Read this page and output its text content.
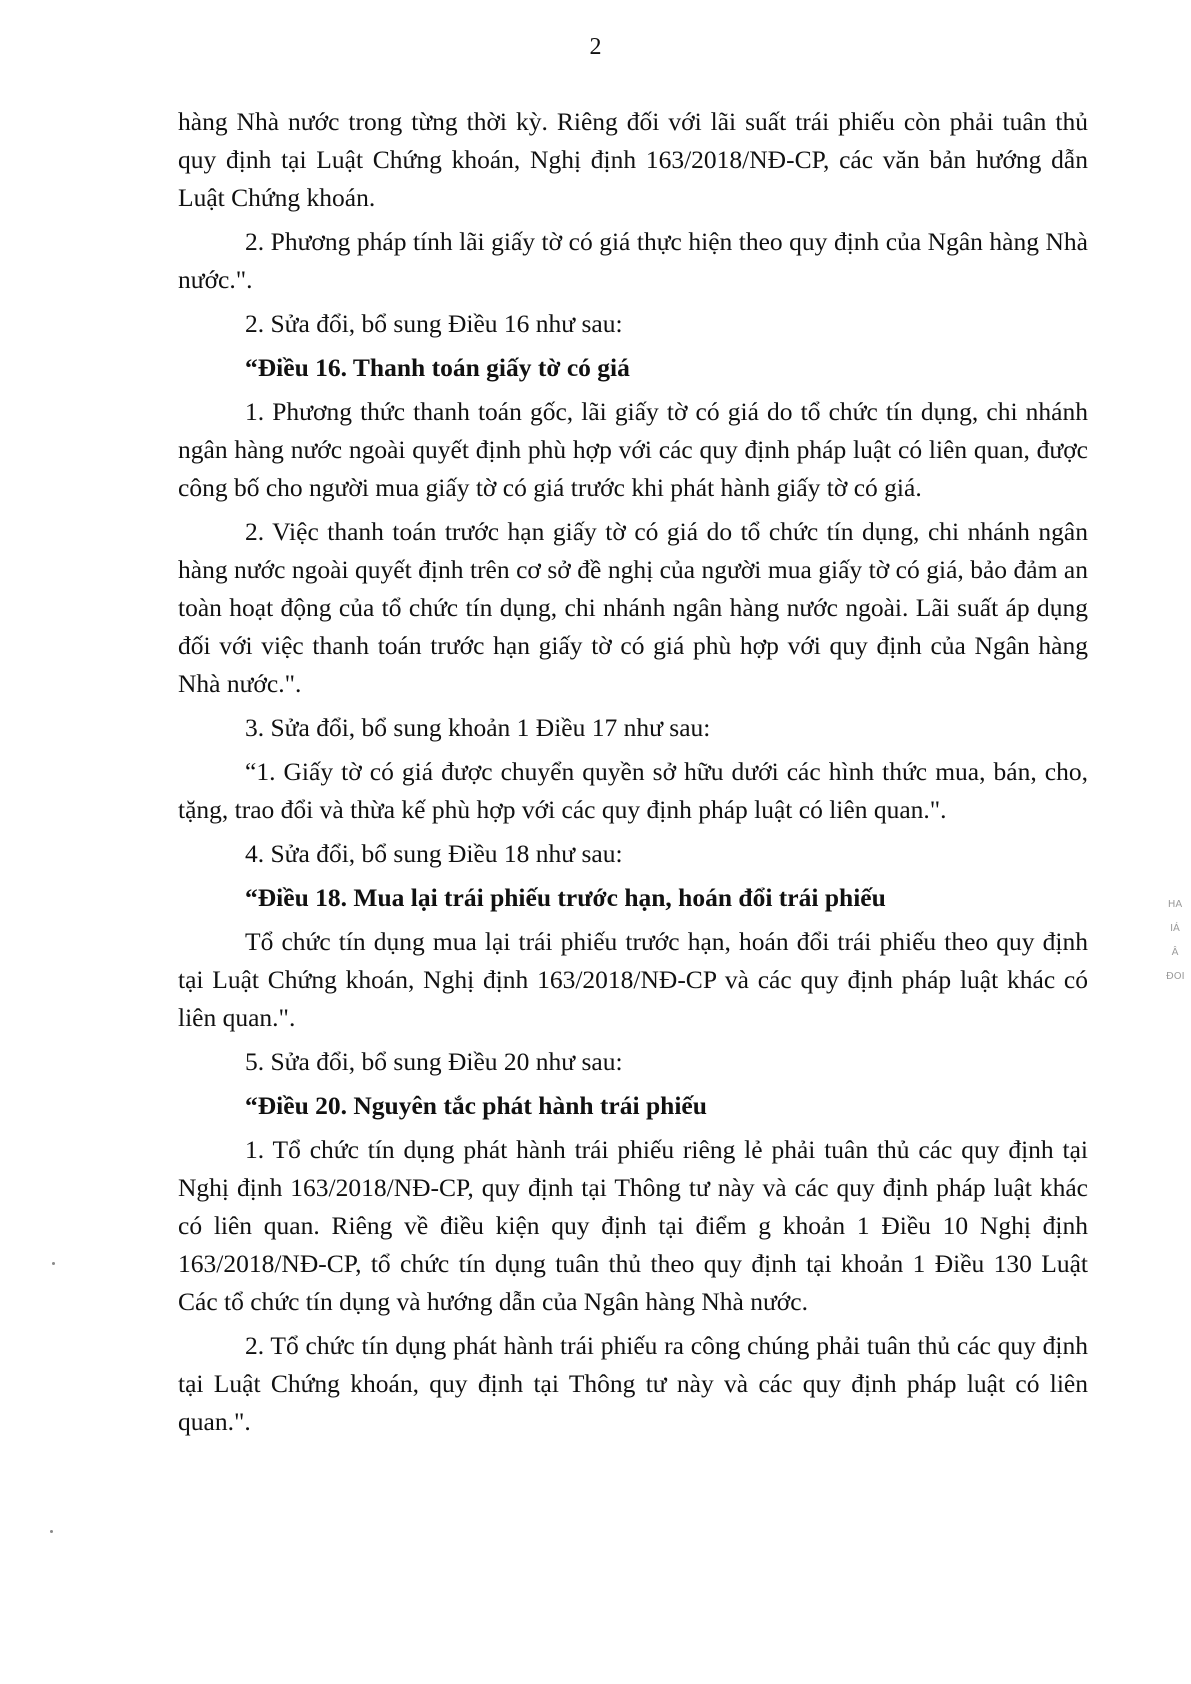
2

hàng Nhà nước trong từng thời kỳ. Riêng đối với lãi suất trái phiếu còn phải tuân thủ quy định tại Luật Chứng khoán, Nghị định 163/2018/NĐ-CP, các văn bản hướng dẫn Luật Chứng khoán.

2. Phương pháp tính lãi giấy tờ có giá thực hiện theo quy định của Ngân hàng Nhà nước.".

2. Sửa đổi, bổ sung Điều 16 như sau:

“Điều 16. Thanh toán giấy tờ có giá

1. Phương thức thanh toán gốc, lãi giấy tờ có giá do tổ chức tín dụng, chi nhánh ngân hàng nước ngoài quyết định phù hợp với các quy định pháp luật có liên quan, được công bố cho người mua giấy tờ có giá trước khi phát hành giấy tờ có giá.

2. Việc thanh toán trước hạn giấy tờ có giá do tổ chức tín dụng, chi nhánh ngân hàng nước ngoài quyết định trên cơ sở đề nghị của người mua giấy tờ có giá, bảo đảm an toàn hoạt động của tổ chức tín dụng, chi nhánh ngân hàng nước ngoài. Lãi suất áp dụng đối với việc thanh toán trước hạn giấy tờ có giá phù hợp với quy định của Ngân hàng Nhà nước.".

3. Sửa đổi, bổ sung khoản 1 Điều 17 như sau:

“1. Giấy tờ có giá được chuyển quyền sở hữu dưới các hình thức mua, bán, cho, tặng, trao đổi và thừa kế phù hợp với các quy định pháp luật có liên quan.".

4. Sửa đổi, bổ sung Điều 18 như sau:

“Điều 18. Mua lại trái phiếu trước hạn, hoán đổi trái phiếu

Tổ chức tín dụng mua lại trái phiếu trước hạn, hoán đổi trái phiếu theo quy định tại Luật Chứng khoán, Nghị định 163/2018/NĐ-CP và các quy định pháp luật khác có liên quan.".

5. Sửa đổi, bổ sung Điều 20 như sau:

“Điều 20. Nguyên tắc phát hành trái phiếu

1. Tổ chức tín dụng phát hành trái phiếu riêng lẻ phải tuân thủ các quy định tại Nghị định 163/2018/NĐ-CP, quy định tại Thông tư này và các quy định pháp luật khác có liên quan. Riêng về điều kiện quy định tại điểm g khoản 1 Điều 10 Nghị định 163/2018/NĐ-CP, tổ chức tín dụng tuân thủ theo quy định tại khoản 1 Điều 130 Luật Các tổ chức tín dụng và hướng dẫn của Ngân hàng Nhà nước.

2. Tổ chức tín dụng phát hành trái phiếu ra công chúng phải tuân thủ các quy định tại Luật Chứng khoán, quy định tại Thông tư này và các quy định pháp luật có liên quan.".

HA
IÁ
Â
ĐOI
